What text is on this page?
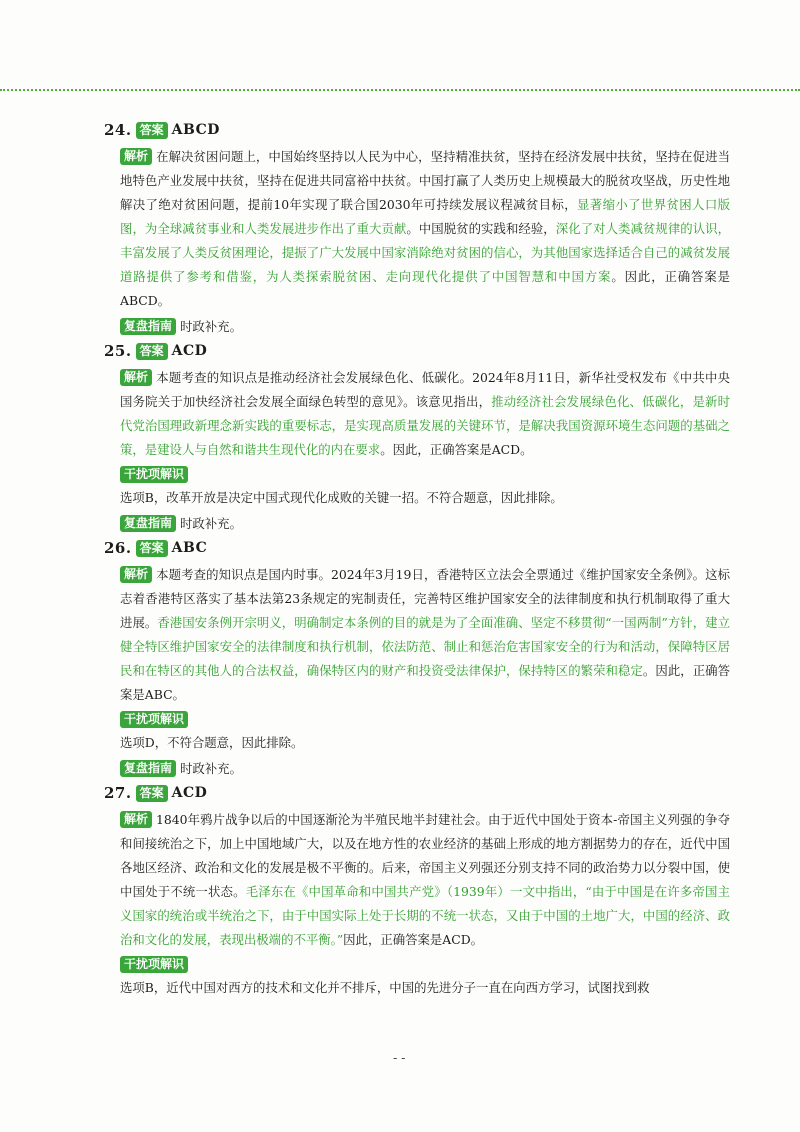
24. 答案 ABCD

解析 在解决贫困问题上，中国始终坚持以人民为中心，坚持精准扶贫，坚持在经济发展中扶贫，坚持在促进当地特色产业发展中扶贫，坚持在促进共同富裕中扶贫。中国打赢了人类历史上规模最大的脱贫攻坚战，历史性地解决了绝对贫困问题，提前10年实现了联合国2030年可持续发展议程减贫目标，显著缩小了世界贫困人口版图，为全球减贫事业和人类发展进步作出了重大贡献。中国脱贫的实践和经验，深化了对人类减贫规律的认识，丰富发展了人类反贫困理论，提振了广大发展中国家消除绝对贫困的信心，为其他国家选择适合自己的减贫发展道路提供了参考和借鉴，为人类探索脱贫困、走向现代化提供了中国智慧和中国方案。因此，正确答案是ABCD。

复盘指南 时政补充。
25. 答案 ACD

解析 本题考查的知识点是推动经济社会发展绿色化、低碳化。2024年8月11日，新华社受权发布《中共中央 国务院关于加快经济社会发展全面绿色转型的意见》。该意见指出，推动经济社会发展绿色化、低碳化，是新时代党治国理政新理念新实践的重要标志，是实现高质量发展的关键环节，是解决我国资源环境生态问题的基础之策，是建设人与自然和谐共生现代化的内在要求。因此，正确答案是ACD。

干扰项解识
选项B，改革开放是决定中国式现代化成败的关键一招。不符合题意，因此排除。
复盘指南 时政补充。
26. 答案 ABC

解析 本题考查的知识点是国内时事。2024年3月19日，香港特区立法会全票通过《维护国家安全条例》。这标志着香港特区落实了基本法第23条规定的宪制责任，完善特区维护国家安全的法律制度和执行机制取得了重大进展。香港国安条例开宗明义，明确制定本条例的目的就是为了全面准确、坚定不移贯彻“一国两制”方针，建立健全特区维护国家安全的法律制度和执行机制，依法防范、制止和惩治危害国家安全的行为和活动，保障特区居民和在特区的其他人的合法权益，确保特区内的财产和投资受法律保护，保持特区的繁荣和稳定。因此，正确答案是ABC。

干扰项解识
选项D，不符合题意，因此排除。
复盘指南 时政补充。
27. 答案 ACD

解析 1840年鸦片战争以后的中国逐渐沦为半殖民地半封建社会。由于近代中国处于资本-帝国主义列强的争夺和间接统治之下，加上中国地域广大，以及在地方性的农业经济的基础上形成的地方割据势力的存在，近代中国各地区经济、政治和文化的发展是极不平衡的。后来，帝国主义列强还分别支持不同的政治势力以分裂中国，使中国处于不统一状态。毛泽东在《中国革命和中国共产党》（1939年）一文中指出，“由于中国是在许多帝国主义国家的统治或半统治之下，由于中国实际上处于长期的不统一状态，又由于中国的土地广大，中国的经济、政治和文化的发展，表现出极端的不平衡。”因此，正确答案是ACD。

干扰项解识
选项B，近代中国对西方的技术和文化并不排斥，中国的先进分子一直在向西方学习，试图找到救
- -
